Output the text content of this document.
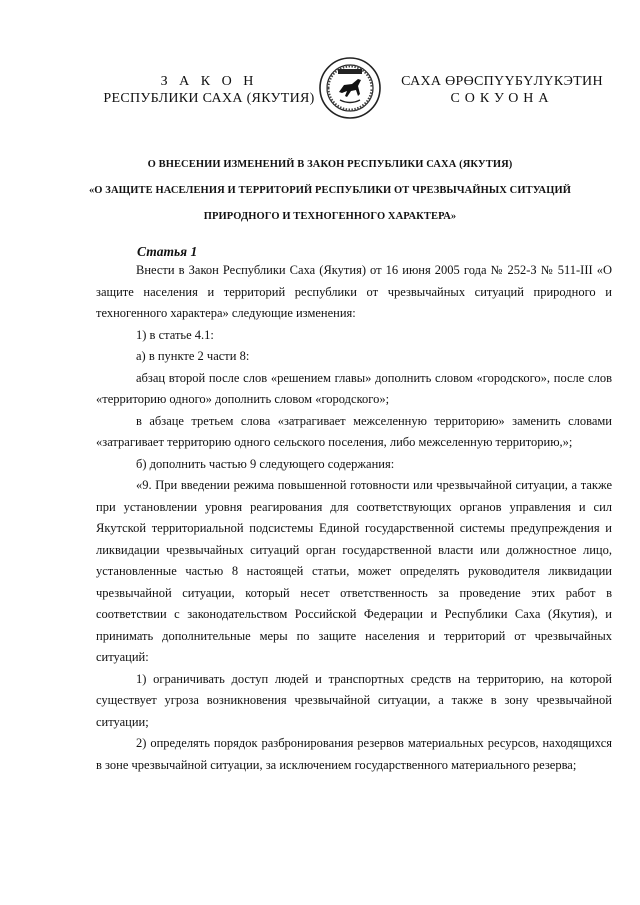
З А К О Н
РЕСПУБЛИКИ САХА (ЯКУТИЯ)
САХА ӨРӨСПҮҮБҮЛҮКЭТИН
СОКУОНА
О ВНЕСЕНИИ ИЗМЕНЕНИЙ В ЗАКОН РЕСПУБЛИКИ САХА (ЯКУТИЯ)
«О ЗАЩИТЕ НАСЕЛЕНИЯ И ТЕРРИТОРИЙ РЕСПУБЛИКИ ОТ ЧРЕЗВЫЧАЙНЫХ СИТУАЦИЙ
ПРИРОДНОГО И ТЕХНОГЕННОГО ХАРАКТЕРА»
Статья 1

Внести в Закон Республики Саха (Якутия) от 16 июня 2005 года № 252-З № 511-III «О защите населения и территорий республики от чрезвычайных ситуаций природного и техногенного характера» следующие изменения:

1) в статье 4.1:

а) в пункте 2 части 8:

абзац второй после слов «решением главы» дополнить словом «городского», после слов «территорию одного» дополнить словом «городского»;

в абзаце третьем слова «затрагивает межселенную территорию» заменить словами «затрагивает территорию одного сельского поселения, либо межселенную территорию,»;

б) дополнить частью 9 следующего содержания:

«9. При введении режима повышенной готовности или чрезвычайной ситуации, а также при установлении уровня реагирования для соответствующих органов управления и сил Якутской территориальной подсистемы Единой государственной системы предупреждения и ликвидации чрезвычайных ситуаций орган государственной власти или должностное лицо, установленные частью 8 настоящей статьи, может определять руководителя ликвидации чрезвычайной ситуации, который несет ответственность за проведение этих работ в соответствии с законодательством Российской Федерации и Республики Саха (Якутия), и принимать дополнительные меры по защите населения и территорий от чрезвычайных ситуаций:

1) ограничивать доступ людей и транспортных средств на территорию, на которой существует угроза возникновения чрезвычайной ситуации, а также в зону чрезвычайной ситуации;

2) определять порядок разбронирования резервов материальных ресурсов, находящихся в зоне чрезвычайной ситуации, за исключением государственного материального резерва;
